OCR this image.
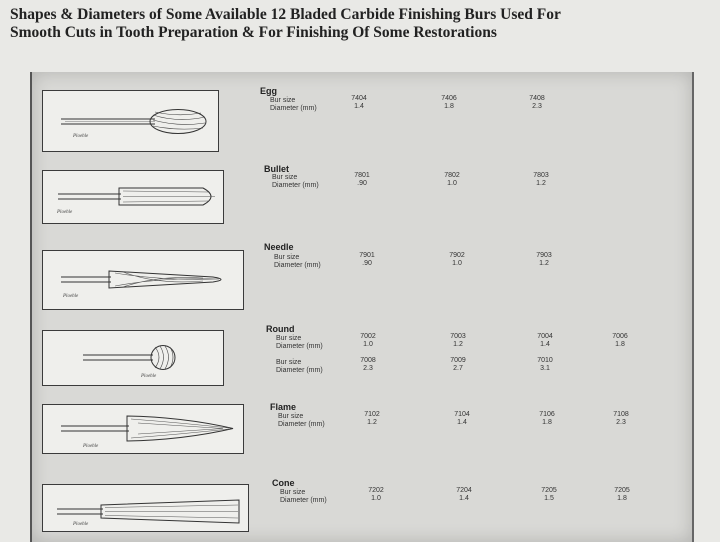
Shapes & Diameters of Some Available 12 Bladed Carbide Finishing Burs Used For
Smooth Cuts in Tooth Preparation & For Finishing Of Some Restorations
Ploehle
Egg
Bur size
Diameter (mm)
7404
1.4
7406
1.8
7408
2.3
Ploehle
Bullet
Bur size
Diameter (mm)
7801
.90
7802
1.0
7803
1.2
Ploehle
Needle
Bur size
Diameter (mm)
7901
.90
7902
1.0
7903
1.2
Ploehle
Round
Bur size
Diameter (mm)
7002
1.0
7003
1.2
7004
1.4
7006
1.8
Bur size
Diameter (mm)
7008
2.3
7009
2.7
7010
3.1
Ploehle
Flame
Bur size
Diameter (mm)
7102
1.2
7104
1.4
7106
1.8
7108
2.3
Ploehle
Cone
Bur size
Diameter (mm)
7202
1.0
7204
1.4
7205
1.5
7205
1.8
